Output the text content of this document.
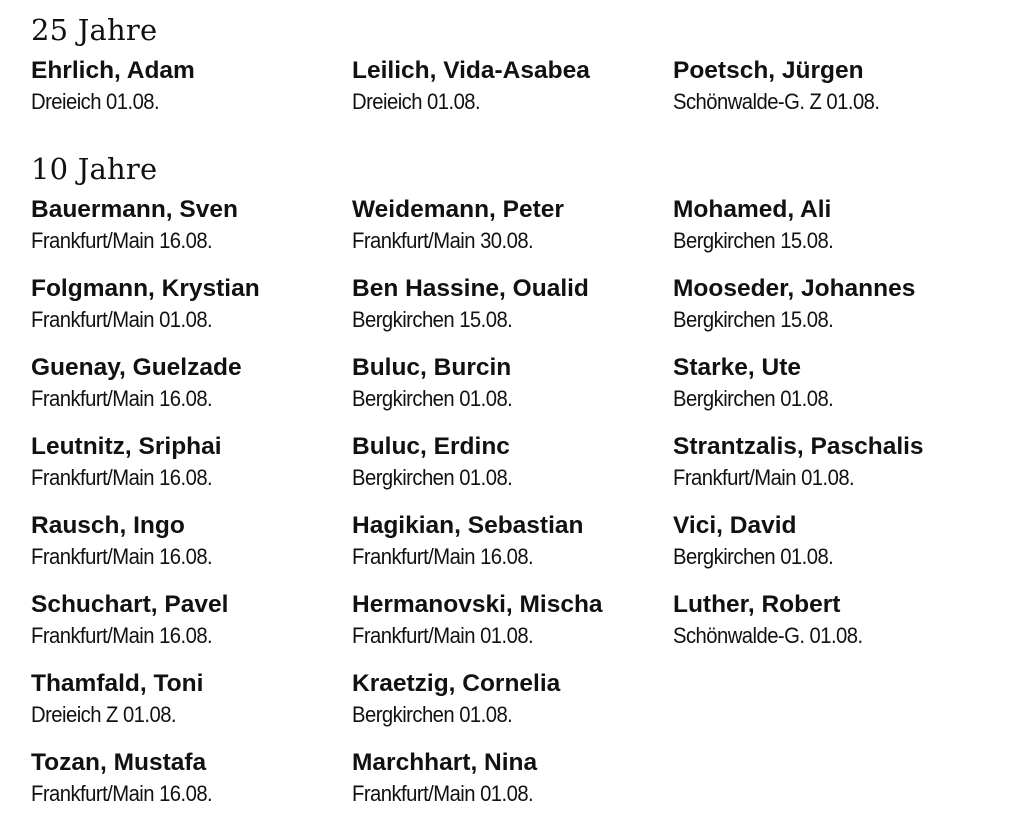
25 Jahre
Ehrlich, Adam
Dreieich 01.08.
Leilich, Vida-Asabea
Dreieich 01.08.
Poetsch, Jürgen
Schönwalde-G. Z 01.08.
10 Jahre
Bauermann, Sven
Frankfurt/Main 16.08.
Folgmann, Krystian
Frankfurt/Main 01.08.
Guenay, Guelzade
Frankfurt/Main 16.08.
Leutnitz, Sriphai
Frankfurt/Main 16.08.
Rausch, Ingo
Frankfurt/Main 16.08.
Schuchart, Pavel
Frankfurt/Main 16.08.
Thamfald, Toni
Dreieich Z 01.08.
Tozan, Mustafa
Frankfurt/Main 16.08.
Weidemann, Peter
Frankfurt/Main 30.08.
Ben Hassine, Oualid
Bergkirchen 15.08.
Buluc, Burcin
Bergkirchen 01.08.
Buluc, Erdinc
Bergkirchen 01.08.
Hagikian, Sebastian
Frankfurt/Main 16.08.
Hermanovski, Mischa
Frankfurt/Main 01.08.
Kraetzig, Cornelia
Bergkirchen 01.08.
Marchhart, Nina
Frankfurt/Main 01.08.
Mohamed, Ali
Bergkirchen 15.08.
Mooseder, Johannes
Bergkirchen 15.08.
Starke, Ute
Bergkirchen 01.08.
Strantzalis, Paschalis
Frankfurt/Main 01.08.
Vici, David
Bergkirchen 01.08.
Luther, Robert
Schönwalde-G. 01.08.
